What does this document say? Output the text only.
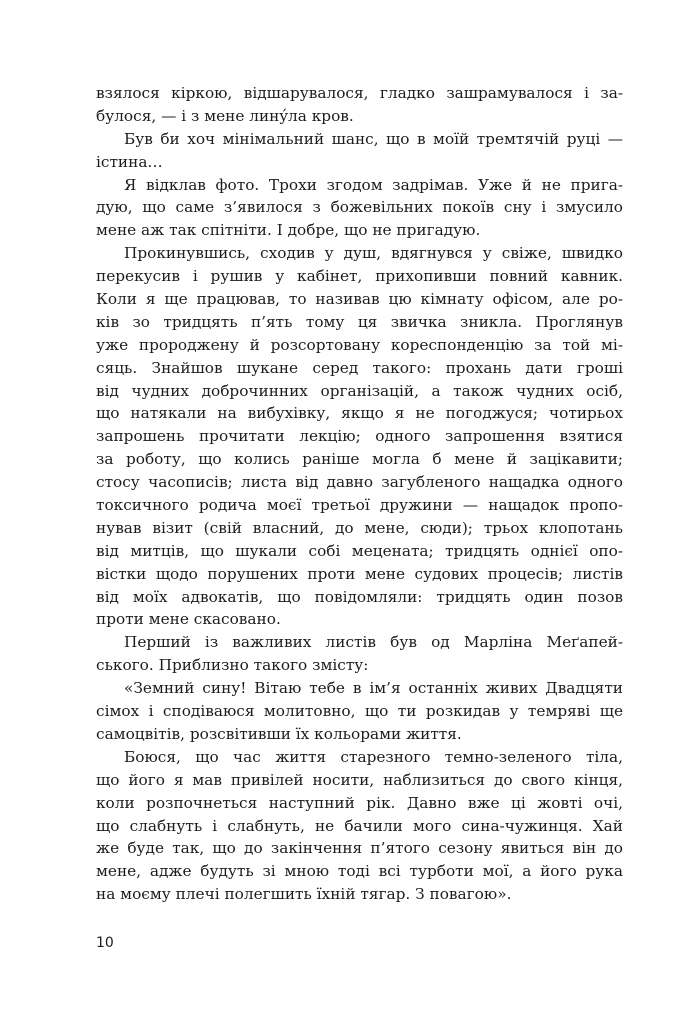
взялося кіркою, відшарувалося, гладко зашрамувалося і за-
булося, — і з мене линýла кров.
Був би хоч мінімальний шанс, що в моїй тремтячій руці —
істина…
Я відклав фото. Трохи згодом задрімав. Уже й не прига-
дую, що саме з’явилося з божевільних покоїв сну і змусило
мене аж так спітніти. І добре, що не пригадую.
Прокинувшись, сходив у душ, вдягнувся у свіже, швидко
перекусив і рушив у кабінет, прихопивши повний кавник.
Коли я ще працював, то називав цю кімнату офісом, але ро-
ків зо тридцять п’ять тому ця звичка зникла. Проглянув
уже пророджену й розсортовану кореспонденцію за той мі-
сяць. Знайшов шукане серед такого: прохань дати гроші
від чудних доброчинних організацій, а також чудних осіб,
що натякали на вибухівку, якщо я не погоджуся; чотирьох
запрошень прочитати лекцію; одного запрошення взятися
за роботу, що колись раніше могла б мене й зацікавити;
стосу часописів; листа від давно загубленого нащадка одного
токсичного родича моєї третьої дружини — нащадок пропо-
нував візит (свій власний, до мене, сюди); трьох клопотань
від митців, що шукали собі мецената; тридцять однієї опо-
вістки щодо порушених проти мене судових процесів; листів
від моїх адвокатів, що повідомляли: тридцять один позов
проти мене скасовано.
Перший із важливих листів був од Марліна Меґапей-
ського. Приблизно такого змісту:
«Земний сину! Вітаю тебе в ім’я останніх живих Двадцяти
сімох і сподіваюся молитовно, що ти розкидав у темряві ще
самоцвітів, розсвітивши їх кольорами життя.
Боюся, що час життя старезного темно-зеленого тіла,
що його я мав привілей носити, наблизиться до свого кінця,
коли розпочнеться наступний рік. Давно вже ці жовті очі,
що слабнуть і слабнуть, не бачили мого сина-чужинця. Хай
же буде так, що до закінчення п’ятого сезону явиться він до
мене, адже будуть зі мною тоді всі турботи мої, а його рука
на моєму плечі полегшить їхній тягар. З повагою».
10
